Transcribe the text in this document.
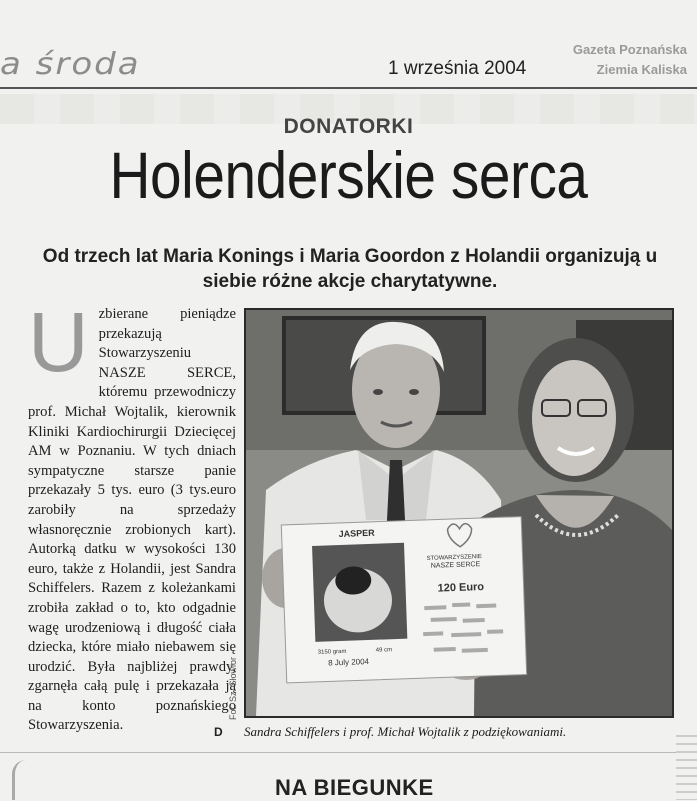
a środa	1 września 2004
Gazeta Poznańska
Ziemia Kaliska
DONATORKI
Holenderskie serca
Od trzech lat Maria Konings i Maria Goordon z Holandii organizują u siebie różne akcje charytatywne.
U zbierane pieniądze przekazują Stowarzyszeniu NASZE SERCE, któremu przewodniczy prof. Michał Wojtalik, kierownik Kliniki Kardiochirurgii Dziecięcej AM w Poznaniu. W tych dniach sympatyczne starsze panie przekazały 5 tys. euro (3 tys.euro zarobiły na sprzedaży własnoręcznie zrobionych kart). Autorką datku w wysokości 130 euro, także z Holandii, jest Sandra Schiffelers. Razem z koleżankami zrobiła zakład o to, kto odgadnie wagę urodzeniową i długość ciała dziecka, które miało niebawem się urodzić. Była najbliżej prawdy, zgarnęła całą pulę i przekazała ją na konto poznańskiego Stowarzyszenia.	D
Fot. Sz. Słowior
JASPER
STOWARZYSZENIE
NASZE SERCE
120 Euro
3150 gram	49 cm
8 July 2004
Sandra Schiffelers i prof. Michał Wojtalik z podziękowaniami.
NA BIEGUNKE
